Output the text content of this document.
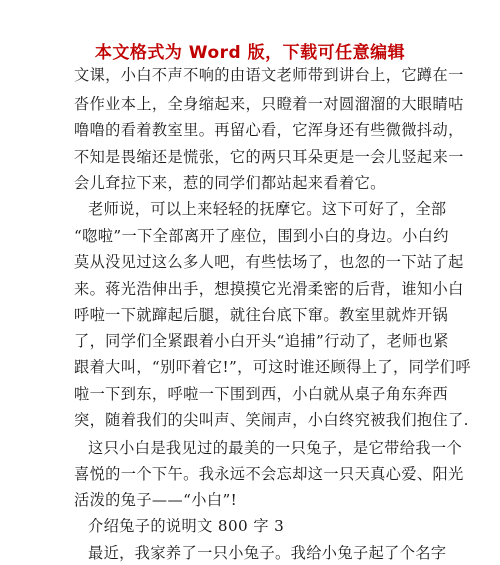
本文格式为 Word 版，下载可任意编辑
文课，小白不声不响的由语文老师带到讲台上，它蹲在一
沓作业本上，全身缩起来，只瞪着一对圆溜溜的大眼睛咕
噜噜的看着教室里。再留心看，它浑身还有些微微抖动，
不知是畏缩还是慌张，它的两只耳朵更是一会儿竖起来一
会儿耷拉下来，惹的同学们都站起来看着它。
老师说，可以上来轻轻的抚摩它。这下可好了，全部
“唿啦”一下全部离开了座位，围到小白的身边。小白约
莫从没见过这么多人吧，有些怯场了，也忽的一下站了起
来。蒋光浩伸出手，想摸摸它光滑柔密的后背，谁知小白
呼啦一下就蹿起后腿，就往台底下窜。教室里就炸开锅
了，同学们全紧跟着小白开头“追捕”行动了，老师也紧
跟着大叫，“别吓着它!”，可这时谁还顾得上了，同学们呼
啦一下到东，呼啦一下围到西，小白就从桌子角东奔西
突，随着我们的尖叫声、笑闹声，小白终究被我们抱住了.
这只小白是我见过的最美的一只兔子，是它带给我一个
喜悦的一个下午。我永远不会忘却这一只天真心爱、阳光
活泼的兔子——“小白”!
介绍兔子的说明文 800 字 3
最近，我家养了一只小兔子。我给小兔子起了个名字
